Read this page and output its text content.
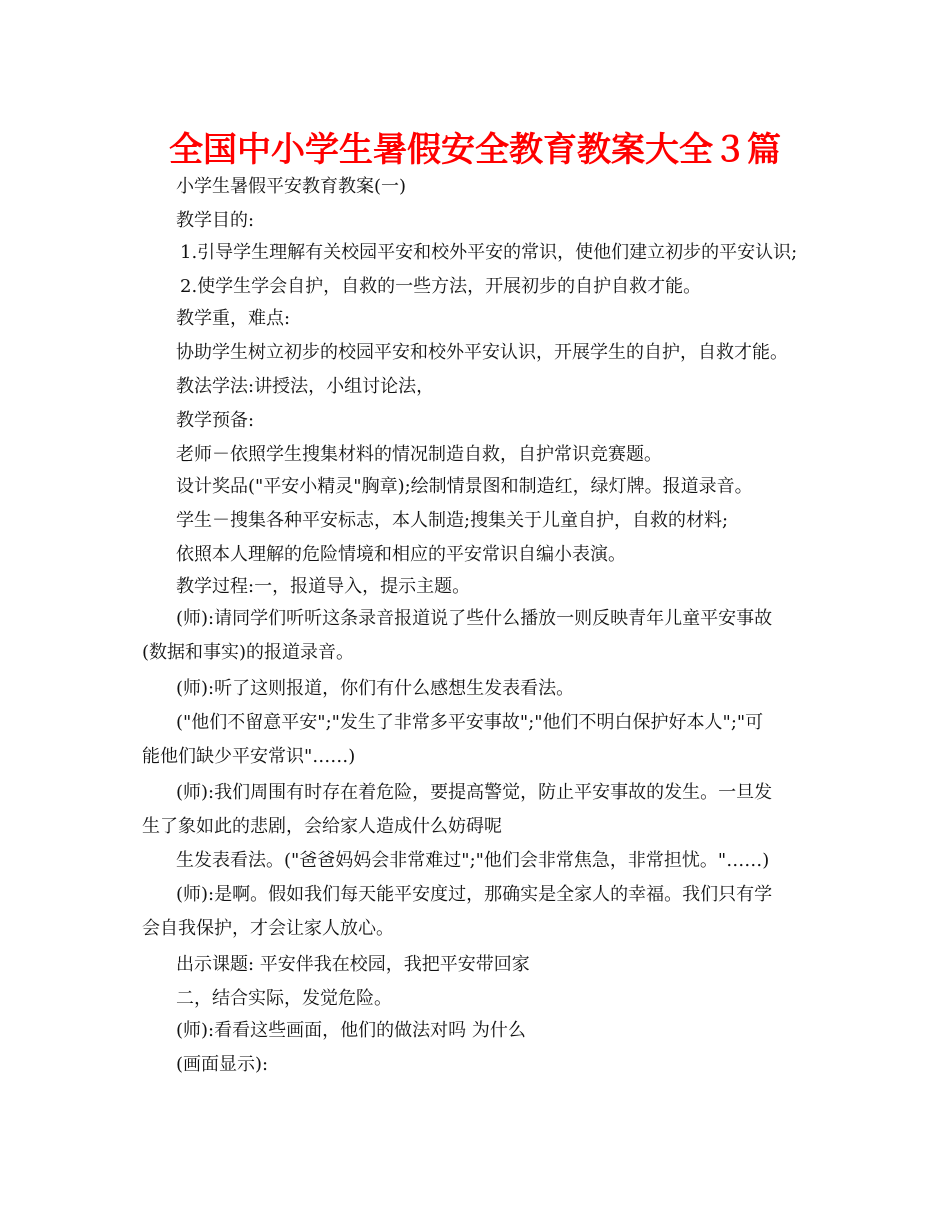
全国中小学生暑假安全教育教案大全３篇
小学生暑假平安教育教案(一)
教学目的:
1.引导学生理解有关校园平安和校外平安的常识，使他们建立初步的平安认识;
2.使学生学会自护，自救的一些方法，开展初步的自护自救才能。
教学重，难点:
协助学生树立初步的校园平安和校外平安认识，开展学生的自护，自救才能。
教法学法:讲授法，小组讨论法，
教学预备:
老师－依照学生搜集材料的情况制造自救，自护常识竞赛题。
设计奖品("平安小精灵"胸章);绘制情景图和制造红，绿灯牌。报道录音。
学生－搜集各种平安标志，本人制造;搜集关于儿童自护，自救的材料;
依照本人理解的危险情境和相应的平安常识自编小表演。
教学过程:一，报道导入，提示主题。
(师):请同学们听听这条录音报道说了些什么播放一则反映青年儿童平安事故
(数据和事实)的报道录音。
(师):听了这则报道，你们有什么感想生发表看法。
("他们不留意平安";"发生了非常多平安事故";"他们不明白保护好本人";"可
能他们缺少平安常识"……)
(师):我们周围有时存在着危险，要提高警觉，防止平安事故的发生。一旦发
生了象如此的悲剧，会给家人造成什么妨碍呢
生发表看法。("爸爸妈妈会非常难过";"他们会非常焦急，非常担忧。"……)
(师):是啊。假如我们每天能平安度过，那确实是全家人的幸福。我们只有学
会自我保护，才会让家人放心。
出示课题: 平安伴我在校园，我把平安带回家
二，结合实际，发觉危险。
(师):看看这些画面，他们的做法对吗 为什么
(画面显示):
